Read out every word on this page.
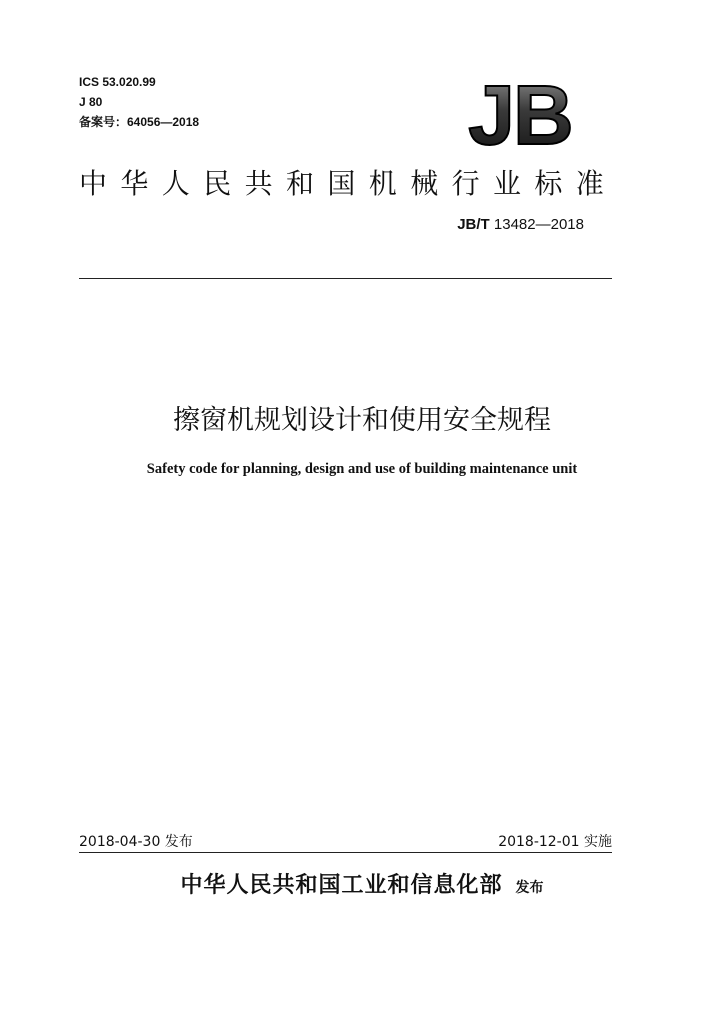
ICS 53.020.99
J 80
备案号：64056—2018	JB
中华人民共和国机械行业标准
JB/T 13482—2018
擦窗机规划设计和使用安全规程
Safety code for planning, design and use of building maintenance unit
2018-04-30 发布	2018-12-01 实施
中华人民共和国工业和信息化部 发布
